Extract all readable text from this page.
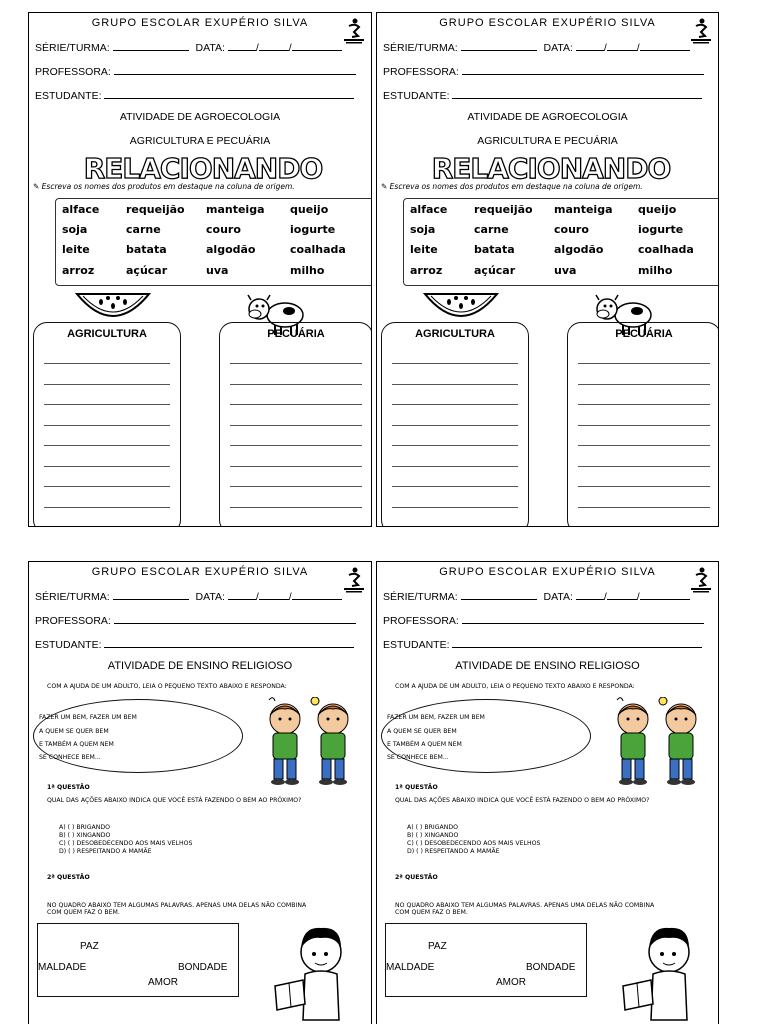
GRUPO ESCOLAR EXUPÉRIO SILVA
SÉRIE/TURMA:	DATA:	/	/
PROFESSORA:
ESTUDANTE:
ATIVIDADE DE AGROECOLOGIA
AGRICULTURA E PECUÁRIA
RELACIONANDO
✎ Escreva os nomes dos produtos em destaque na coluna de origem.
alface requeijão manteiga queijo
soja	carne	couro	iogurte
leite	batata	algodão	coalhada
arroz	açúcar	uva	milho
AGRICULTURA	PECUÁRIA
GRUPO ESCOLAR EXUPÉRIO SILVA
SÉRIE/TURMA:	DATA:	/	/
PROFESSORA:
ESTUDANTE:
ATIVIDADE DE AGROECOLOGIA
AGRICULTURA E PECUÁRIA
RELACIONANDO
✎ Escreva os nomes dos produtos em destaque na coluna de origem.
alface requeijão manteiga queijo
soja	carne	couro	iogurte
leite	batata	algodão	coalhada
arroz	açúcar	uva	milho
AGRICULTURA	PECUÁRIA
GRUPO ESCOLAR EXUPÉRIO SILVA
SÉRIE/TURMA:	DATA:	/	/
PROFESSORA:
ESTUDANTE:
ATIVIDADE DE ENSINO RELIGIOSO
COM A AJUDA DE UM ADULTO, LEIA O PEQUENO TEXTO ABAIXO E RESPONDA:
FAZER UM BEM, FAZER UM BEM
A QUEM SE QUER BEM
E TAMBÉM A QUEM NEM
SE CONHECE BEM...
1ª QUESTÃO
QUAL DAS AÇÕES ABAIXO INDICA QUE VOCÊ ESTÁ FAZENDO O BEM AO PRÓXIMO?
A) ( ) BRIGANDO
B) ( ) XINGANDO
C) ( ) DESOBEDECENDO AOS MAIS VELHOS
D) ( ) RESPEITANDO A MAMÃE
2ª QUESTÃO
NO QUADRO ABAIXO TEM ALGUMAS PALAVRAS. APENAS UMA DELAS NÃO COMBINA
COM QUEM FAZ O BEM.
PAZ
MALDADE	BONDADE
AMOR
GRUPO ESCOLAR EXUPÉRIO SILVA
SÉRIE/TURMA:	DATA:	/	/
PROFESSORA:
ESTUDANTE:
ATIVIDADE DE ENSINO RELIGIOSO
COM A AJUDA DE UM ADULTO, LEIA O PEQUENO TEXTO ABAIXO E RESPONDA:
FAZER UM BEM, FAZER UM BEM
A QUEM SE QUER BEM
E TAMBÉM A QUEM NEM
SE CONHECE BEM...
1ª QUESTÃO
QUAL DAS AÇÕES ABAIXO INDICA QUE VOCÊ ESTÁ FAZENDO O BEM AO PRÓXIMO?
A) ( ) BRIGANDO
B) ( ) XINGANDO
C) ( ) DESOBEDECENDO AOS MAIS VELHOS
D) ( ) RESPEITANDO A MAMÃE
2ª QUESTÃO
NO QUADRO ABAIXO TEM ALGUMAS PALAVRAS. APENAS UMA DELAS NÃO COMBINA
COM QUEM FAZ O BEM.
PAZ
MALDADE	BONDADE
AMOR
